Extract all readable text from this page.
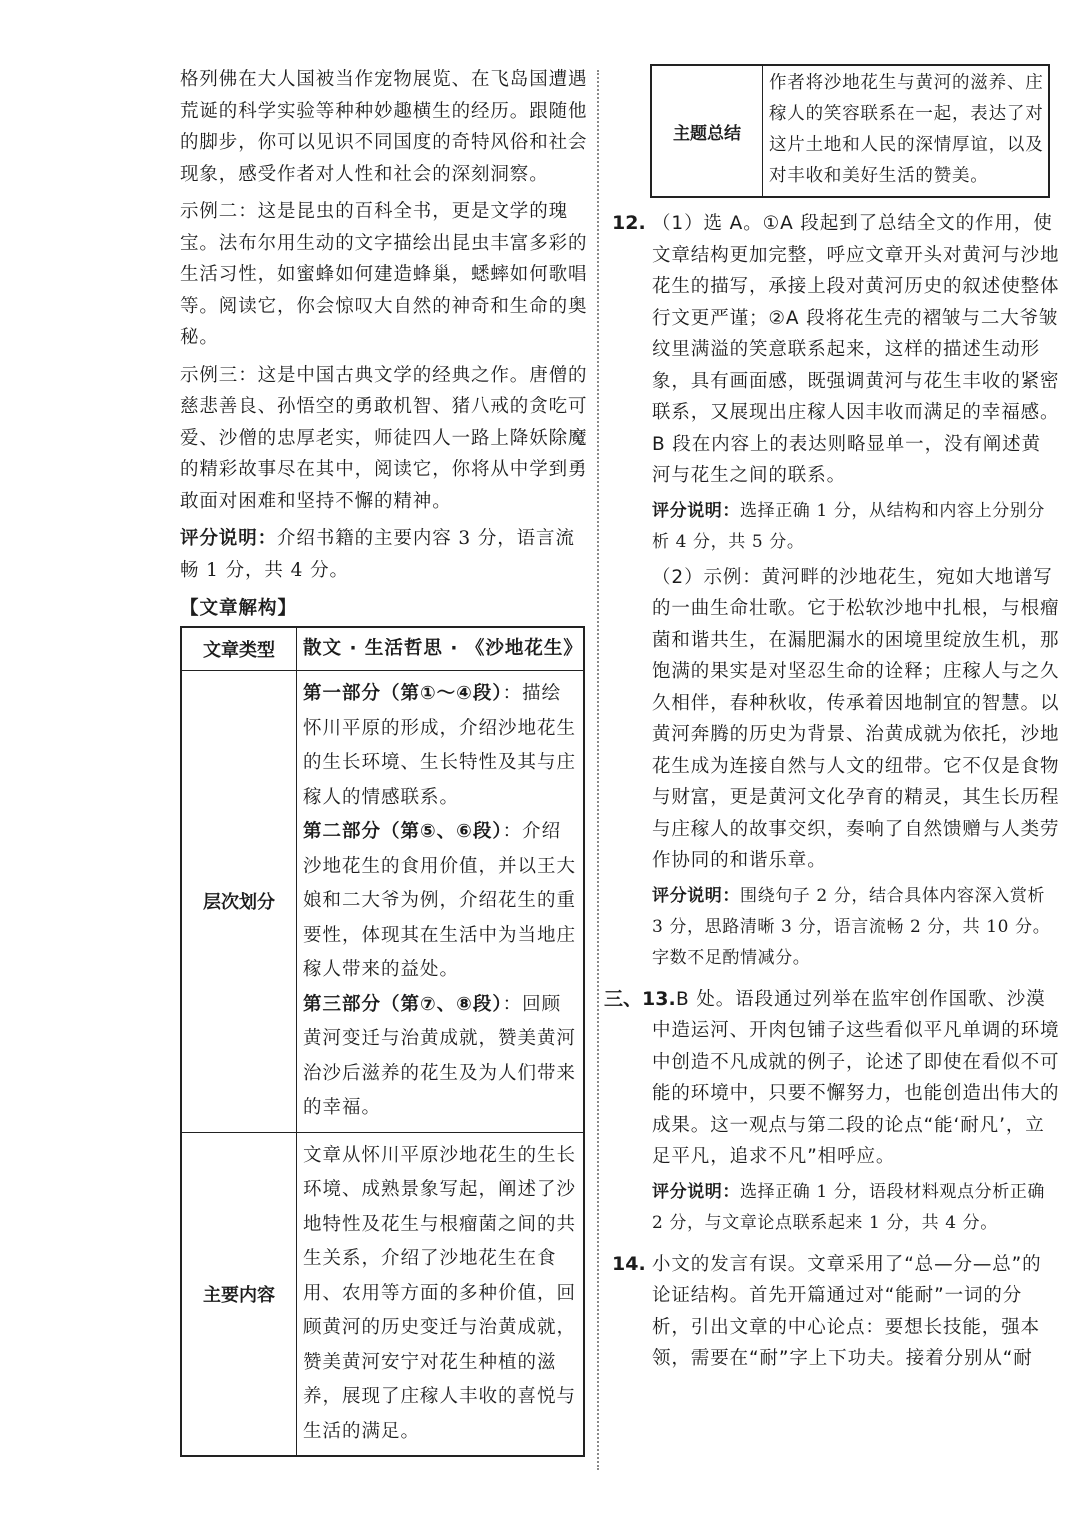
格列佛在大人国被当作宠物展览、在飞岛国遭遇荒诞的科学实验等种种妙趣横生的经历。跟随他的脚步，你可以见识不同国度的奇特风俗和社会现象，感受作者对人性和社会的深刻洞察。

示例二：这是昆虫的百科全书，更是文学的瑰宝。法布尔用生动的文字描绘出昆虫丰富多彩的生活习性，如蜜蜂如何建造蜂巢，蟋蟀如何歌唱等。阅读它，你会惊叹大自然的神奇和生命的奥秘。

示例三：这是中国古典文学的经典之作。唐僧的慈悲善良、孙悟空的勇敢机智、猪八戒的贪吃可爱、沙僧的忠厚老实，师徒四人一路上降妖除魔的精彩故事尽在其中，阅读它，你将从中学到勇敢面对困难和坚持不懈的精神。

评分说明：介绍书籍的主要内容 3 分，语言流畅 1 分，共 4 分。

【文章解构】
文章类型	散文 · 生活哲思 · 《沙地花生》
层次划分	第一部分（第①～④段）：描绘怀川平原的形成，介绍沙地花生的生长环境、生长特性及其与庄稼人的情感联系。
第二部分（第⑤、⑥段）：介绍沙地花生的食用价值，并以王大娘和二大爷为例，介绍花生的重要性，体现其在生活中为当地庄稼人带来的益处。
第三部分（第⑦、⑧段）：回顾黄河变迁与治黄成就，赞美黄河治沙后滋养的花生及为人们带来的幸福。

主要内容	文章从怀川平原沙地花生的生长环境、成熟景象写起，阐述了沙地特性及花生与根瘤菌之间的共生关系，介绍了沙地花生在食用、农用等方面的多种价值，回顾黄河的历史变迁与治黄成就，赞美黄河安宁对花生种植的滋养，展现了庄稼人丰收的喜悦与生活的满足。
主题总结	作者将沙地花生与黄河的滋养、庄稼人的笑容联系在一起，表达了对这片土地和人民的深情厚谊，以及对丰收和美好生活的赞美。
12. （1）选 A。①A 段起到了总结全文的作用，使文章结构更加完整，呼应文章开头对黄河与沙地花生的描写，承接上段对黄河历史的叙述使整体行文更严谨；②A 段将花生壳的褶皱与二大爷皱纹里满溢的笑意联系起来，这样的描述生动形象，具有画面感，既强调黄河与花生丰收的紧密联系，又展现出庄稼人因丰收而满足的幸福感。B 段在内容上的表达则略显单一，没有阐述黄河与花生之间的联系。

评分说明：选择正确 1 分，从结构和内容上分别分析 4 分，共 5 分。

（2）示例：黄河畔的沙地花生，宛如大地谱写的一曲生命壮歌。它于松软沙地中扎根，与根瘤菌和谐共生，在漏肥漏水的困境里绽放生机，那饱满的果实是对坚忍生命的诠释；庄稼人与之久久相伴，春种秋收，传承着因地制宜的智慧。以黄河奔腾的历史为背景、治黄成就为依托，沙地花生成为连接自然与人文的纽带。它不仅是食物与财富，更是黄河文化孕育的精灵，其生长历程与庄稼人的故事交织，奏响了自然馈赠与人类劳作协同的和谐乐章。

评分说明：围绕句子 2 分，结合具体内容深入赏析 3 分，思路清晰 3 分，语言流畅 2 分，共 10 分。字数不足酌情减分。

三、13. B 处。语段通过列举在监牢创作国歌、沙漠中造运河、开肉包铺子这些看似平凡单调的环境中创造不凡成就的例子，论述了即使在看似不可能的环境中，只要不懈努力，也能创造出伟大的成果。这一观点与第二段的论点“能‘耐凡’，立足平凡，追求不凡”相呼应。

评分说明：选择正确 1 分，语段材料观点分析正确 2 分，与文章论点联系起来 1 分，共 4 分。

14. 小文的发言有误。文章采用了“总—分—总”的论证结构。首先开篇通过对“能耐”一词的分析，引出文章的中心论点：要想长技能，强本领，需要在“耐”字上下功夫。接着分别从“耐
